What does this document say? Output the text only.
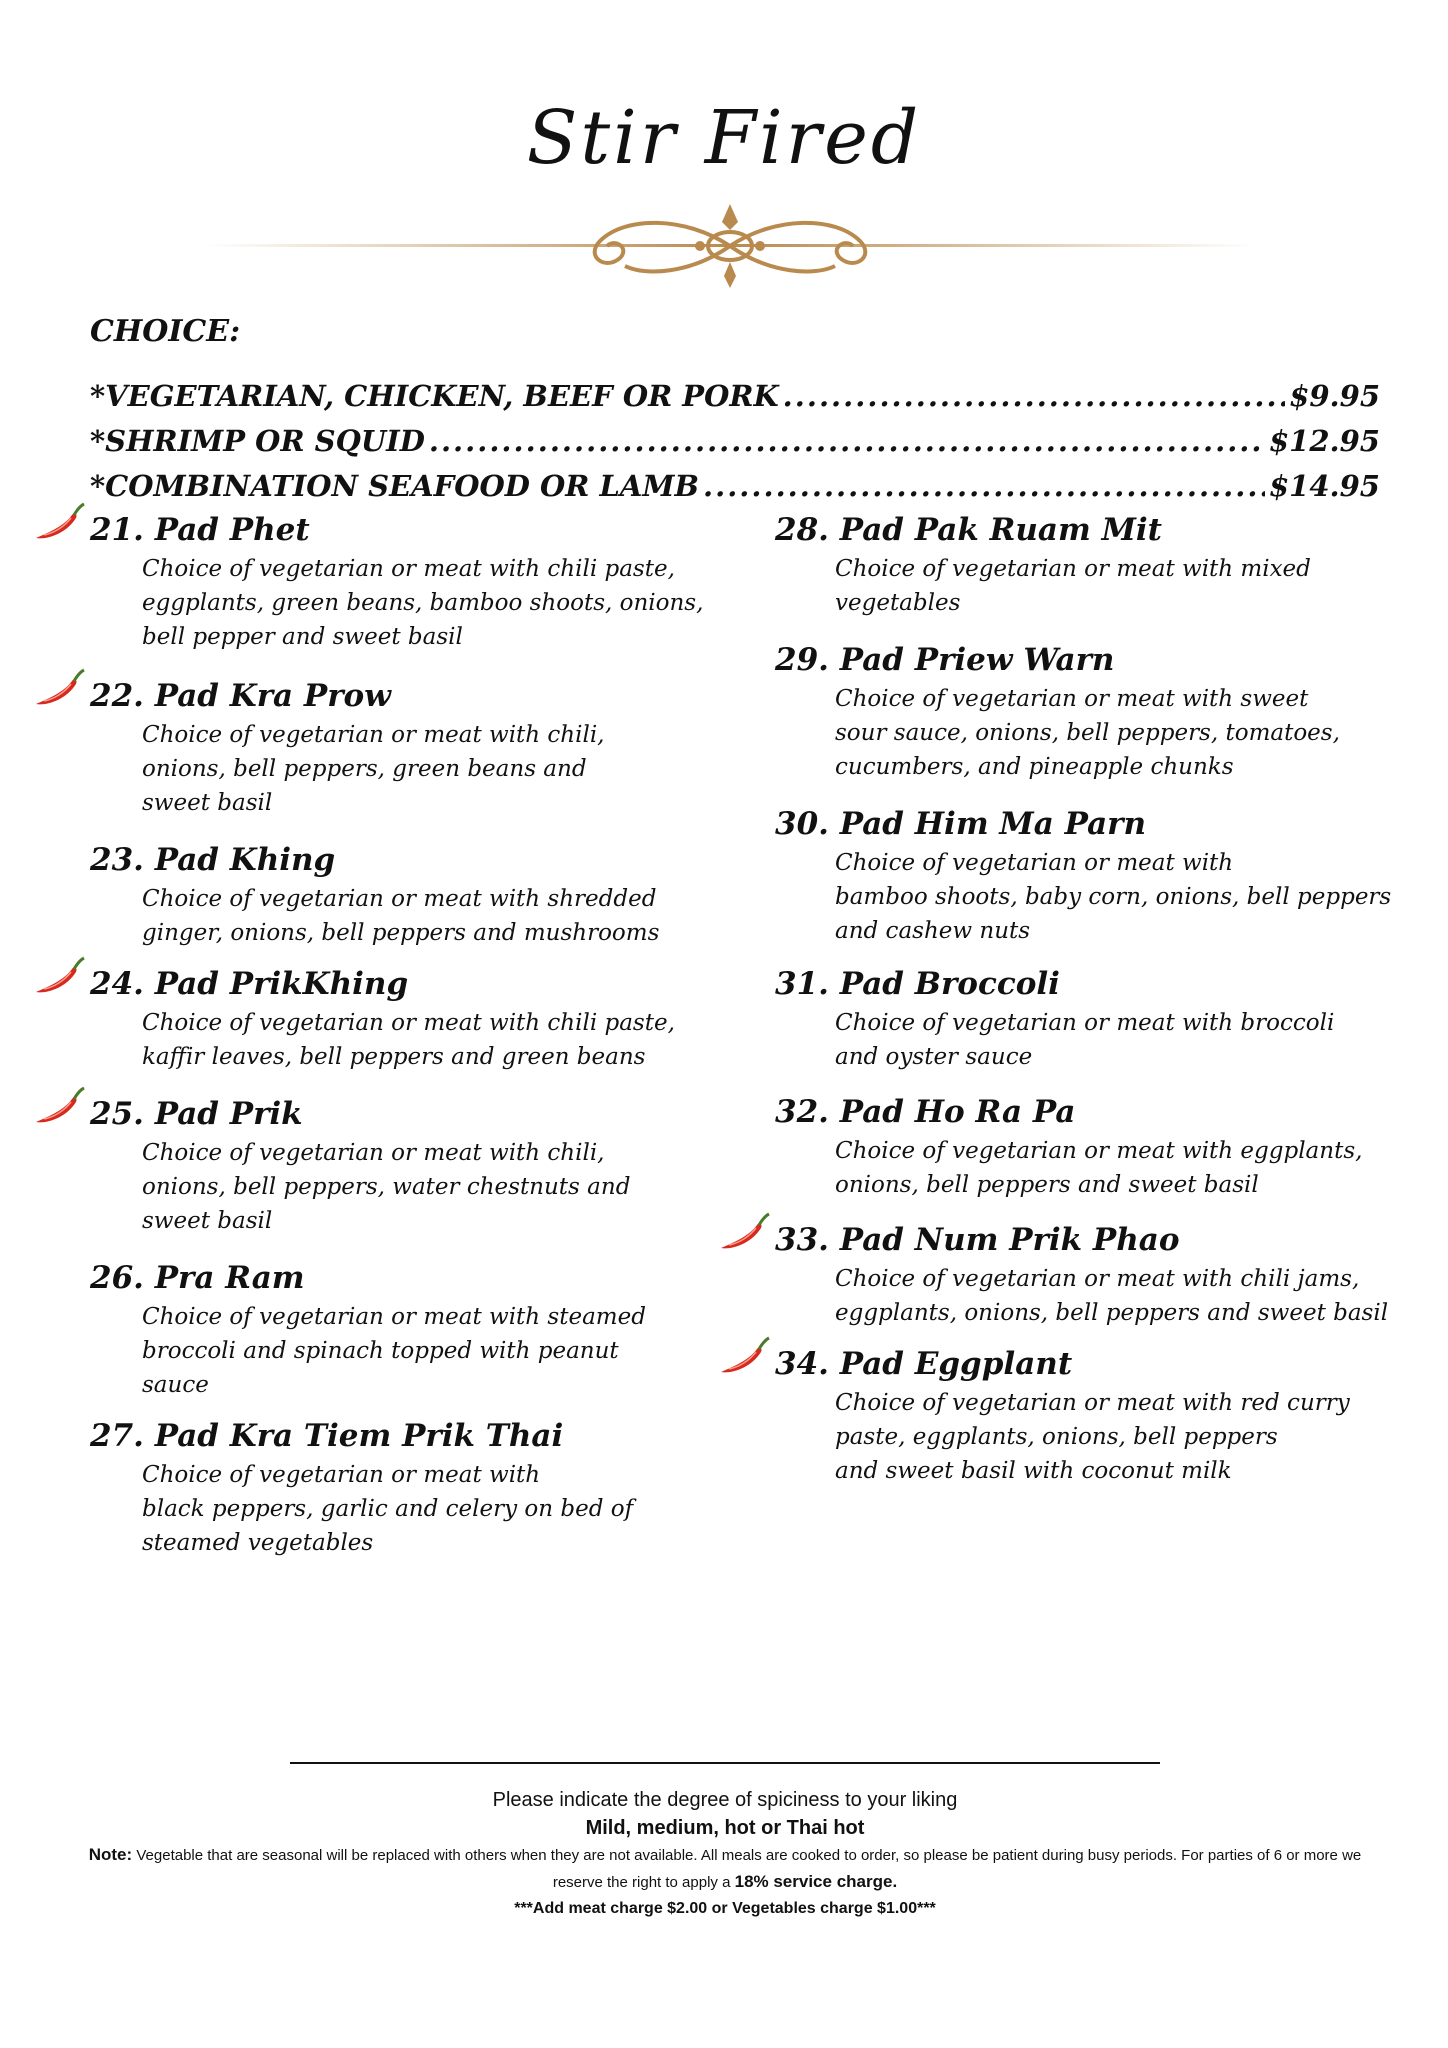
Stir Fired
CHOICE:
*VEGETARIAN, CHICKEN, BEEF OR PORK .....	$9.95
*SHRIMP OR SQUID .....	$12.95
*COMBINATION SEAFOOD OR LAMB .....	$14.95
21. Pad Phet
Choice of vegetarian or meat with chili paste,
eggplants, green beans, bamboo shoots, onions,
bell pepper and sweet basil
22. Pad Kra Prow
Choice of vegetarian or meat with chili,
onions, bell peppers, green beans and
sweet basil
23. Pad Khing
Choice of vegetarian or meat with shredded
ginger, onions, bell peppers and mushrooms
24. Pad PrikKhing
Choice of vegetarian or meat with chili paste,
kaffir leaves, bell peppers and green beans
25. Pad Prik
Choice of vegetarian or meat with chili,
onions, bell peppers, water chestnuts and
sweet basil
26. Pra Ram
Choice of vegetarian or meat with steamed
broccoli and spinach topped with peanut
sauce
27. Pad Kra Tiem Prik Thai
Choice of vegetarian or meat with
black peppers, garlic and celery on bed of
steamed vegetables
28. Pad Pak Ruam Mit
Choice of vegetarian or meat with mixed
vegetables
29. Pad Priew Warn
Choice of vegetarian or meat with sweet
sour sauce, onions, bell peppers, tomatoes,
cucumbers, and pineapple chunks
30. Pad Him Ma Parn
Choice of vegetarian or meat with
bamboo shoots, baby corn, onions, bell peppers
and cashew nuts
31. Pad Broccoli
Choice of vegetarian or meat with broccoli
and oyster sauce
32. Pad Ho Ra Pa
Choice of vegetarian or meat with eggplants,
onions, bell peppers and sweet basil
33. Pad Num Prik Phao
Choice of vegetarian or meat with chili jams,
eggplants, onions, bell peppers and sweet basil
34. Pad Eggplant
Choice of vegetarian or meat with red curry
paste, eggplants, onions, bell peppers
and sweet basil with coconut milk
Please indicate the degree of spiciness to your liking
Mild, medium, hot or Thai hot
Note: Vegetable that are seasonal will be replaced with others when they are not available. All meals are cooked to order, so please be patient during busy periods. For parties of 6 or more we reserve the right to apply a 18% service charge.
***Add meat charge $2.00 or Vegetables charge $1.00***
